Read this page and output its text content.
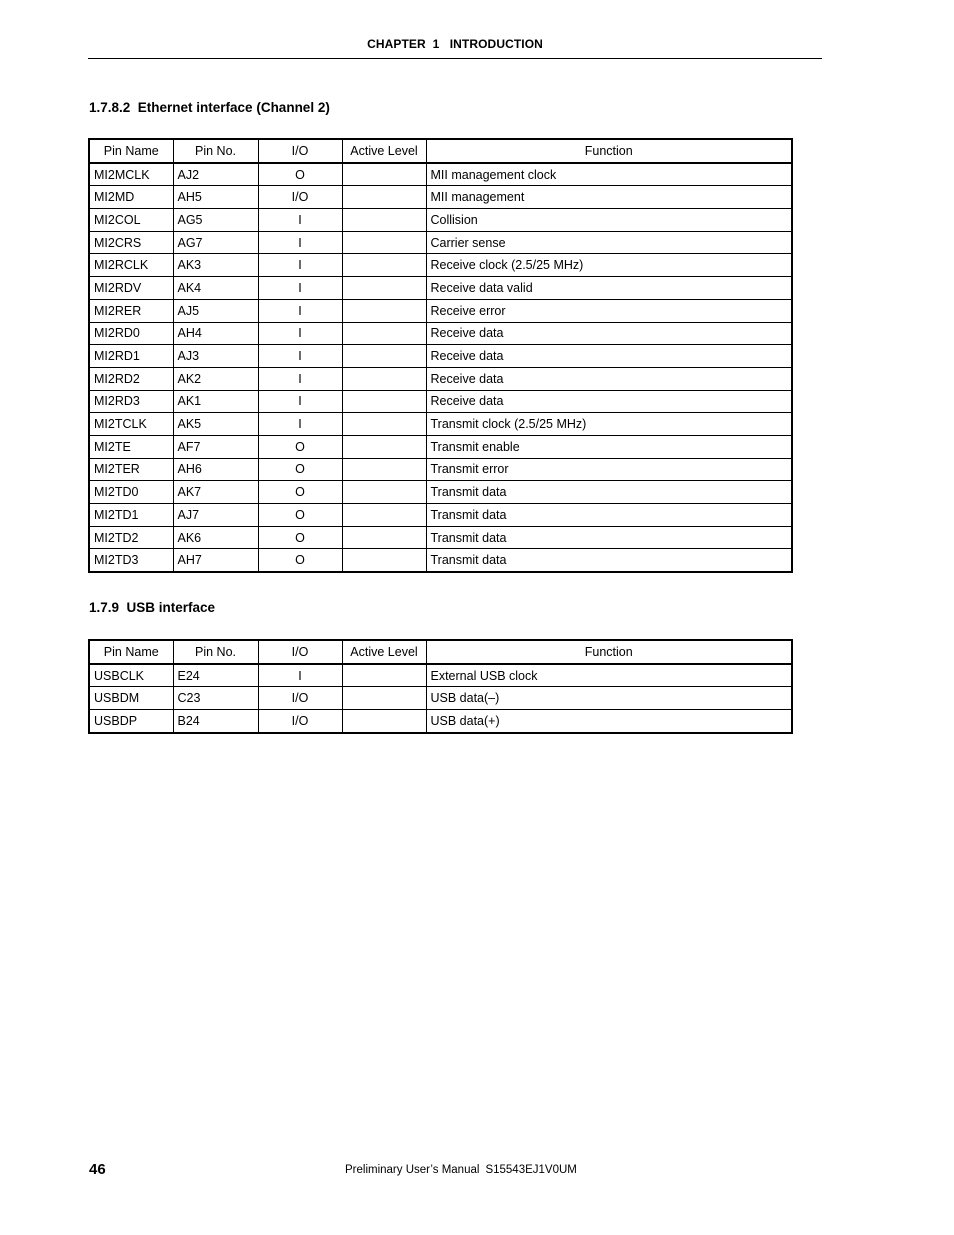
CHAPTER  1   INTRODUCTION
1.7.8.2  Ethernet interface (Channel 2)
Pin Name	Pin No.	I/O	Active Level	Function
MI2MCLK	AJ2	O		MII management clock
MI2MD	AH5	I/O		MII management
MI2COL	AG5	I		Collision
MI2CRS	AG7	I		Carrier sense
MI2RCLK	AK3	I		Receive clock (2.5/25 MHz)
MI2RDV	AK4	I		Receive data valid
MI2RER	AJ5	I		Receive error
MI2RD0	AH4	I		Receive data
MI2RD1	AJ3	I		Receive data
MI2RD2	AK2	I		Receive data
MI2RD3	AK1	I		Receive data
MI2TCLK	AK5	I		Transmit clock (2.5/25 MHz)
MI2TE	AF7	O		Transmit enable
MI2TER	AH6	O		Transmit error
MI2TD0	AK7	O		Transmit data
MI2TD1	AJ7	O		Transmit data
MI2TD2	AK6	O		Transmit data
MI2TD3	AH7	O		Transmit data
1.7.9  USB interface
Pin Name	Pin No.	I/O	Active Level	Function
USBCLK	E24	I		External USB clock
USBDM	C23	I/O		USB data(–)
USBDP	B24	I/O		USB data(+)
46	Preliminary User’s Manual S15543EJ1V0UM
